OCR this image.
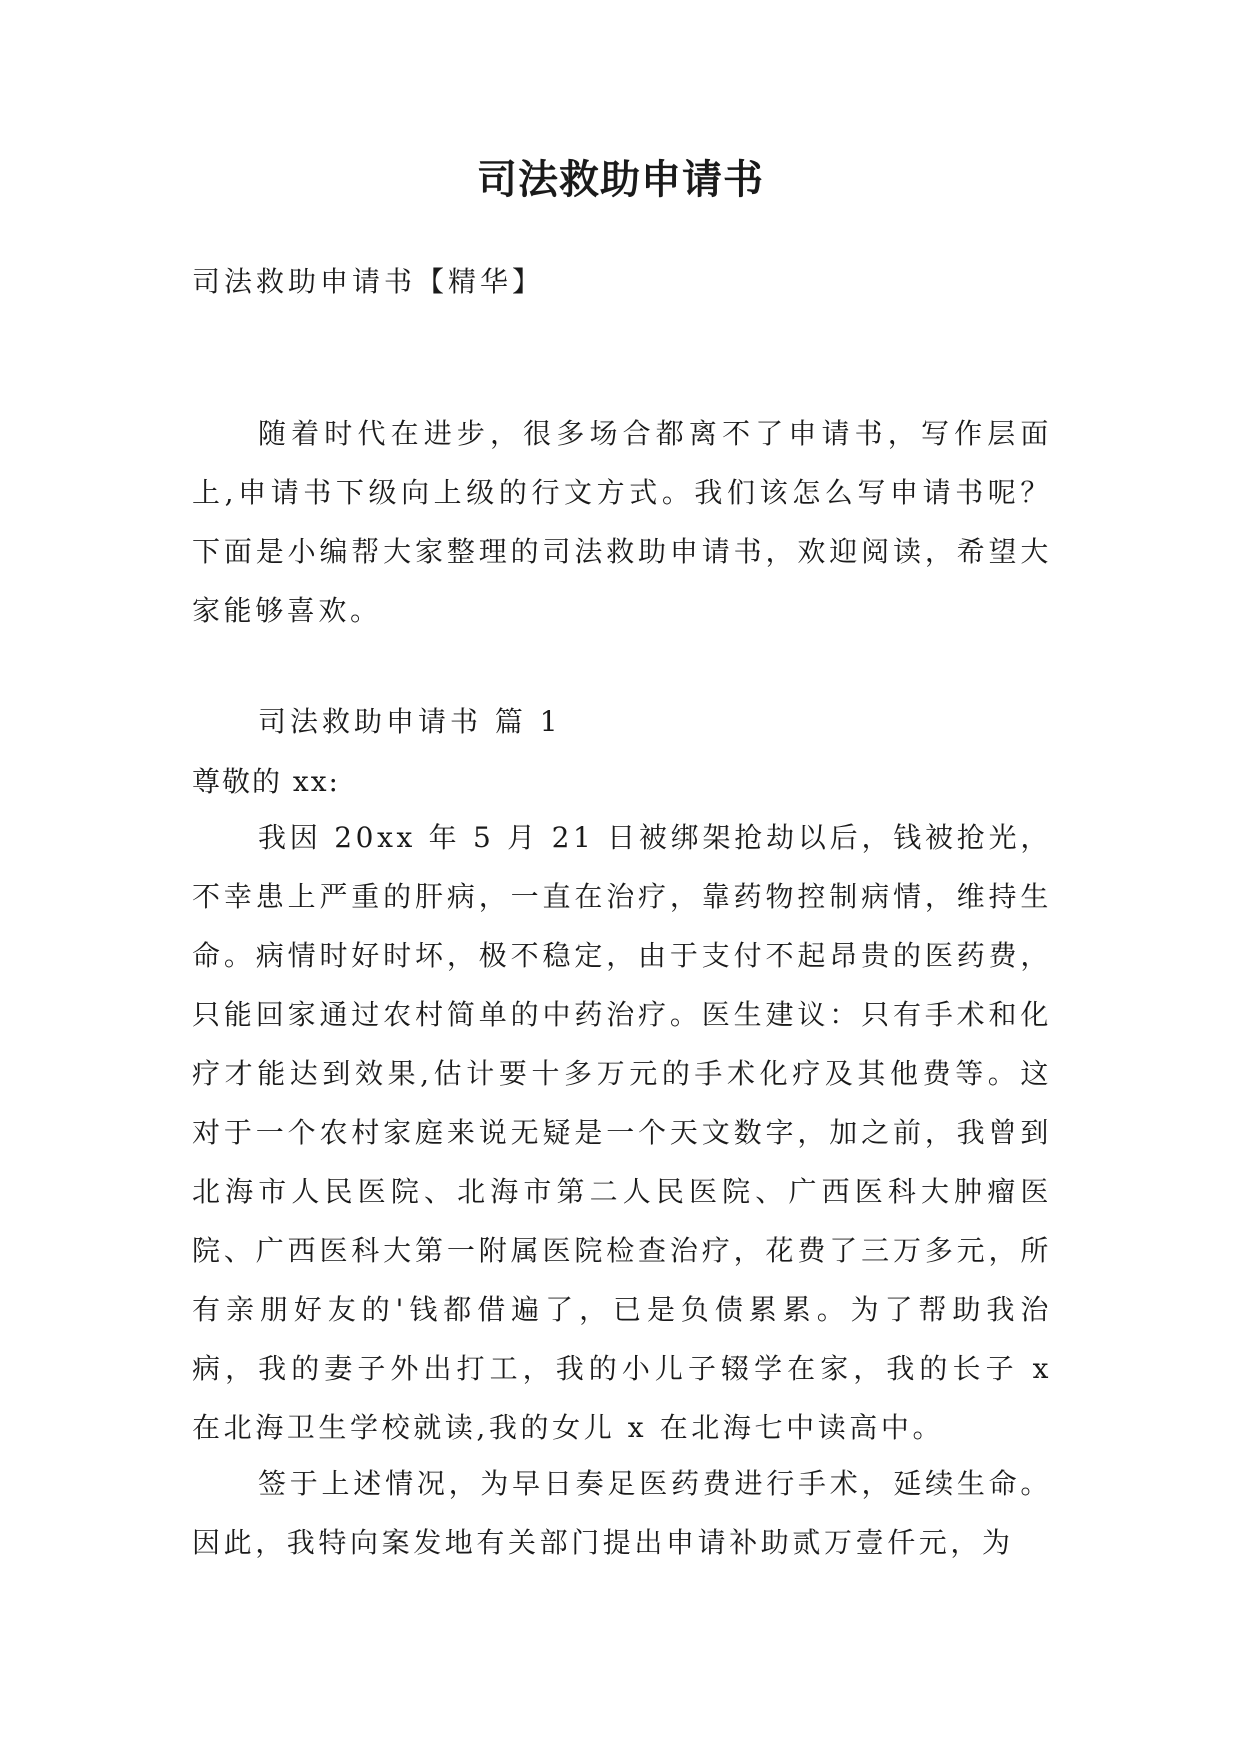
司法救助申请书
司法救助申请书【精华】
随着时代在进步，很多场合都离不了申请书，写作层面上,申请书下级向上级的行文方式。我们该怎么写申请书呢？下面是小编帮大家整理的司法救助申请书，欢迎阅读，希望大家能够喜欢。
司法救助申请书 篇 1
尊敬的 xx:
我因 20xx 年 5 月 21 日被绑架抢劫以后，钱被抢光，不幸患上严重的肝病，一直在治疗，靠药物控制病情，维持生命。病情时好时坏，极不稳定，由于支付不起昂贵的医药费，只能回家通过农村简单的中药治疗。医生建议：只有手术和化疗才能达到效果,估计要十多万元的手术化疗及其他费等。这对于一个农村家庭来说无疑是一个天文数字，加之前，我曾到北海市人民医院、北海市第二人民医院、广西医科大肿瘤医院、广西医科大第一附属医院检查治疗，花费了三万多元，所有亲朋好友的'钱都借遍了，已是负债累累。为了帮助我治病，我的妻子外出打工，我的小儿子辍学在家，我的长子 x 在北海卫生学校就读,我的女儿 x 在北海七中读高中。
签于上述情况，为早日奏足医药费进行手术，延续生命。因此，我特向案发地有关部门提出申请补助贰万壹仟元，为
